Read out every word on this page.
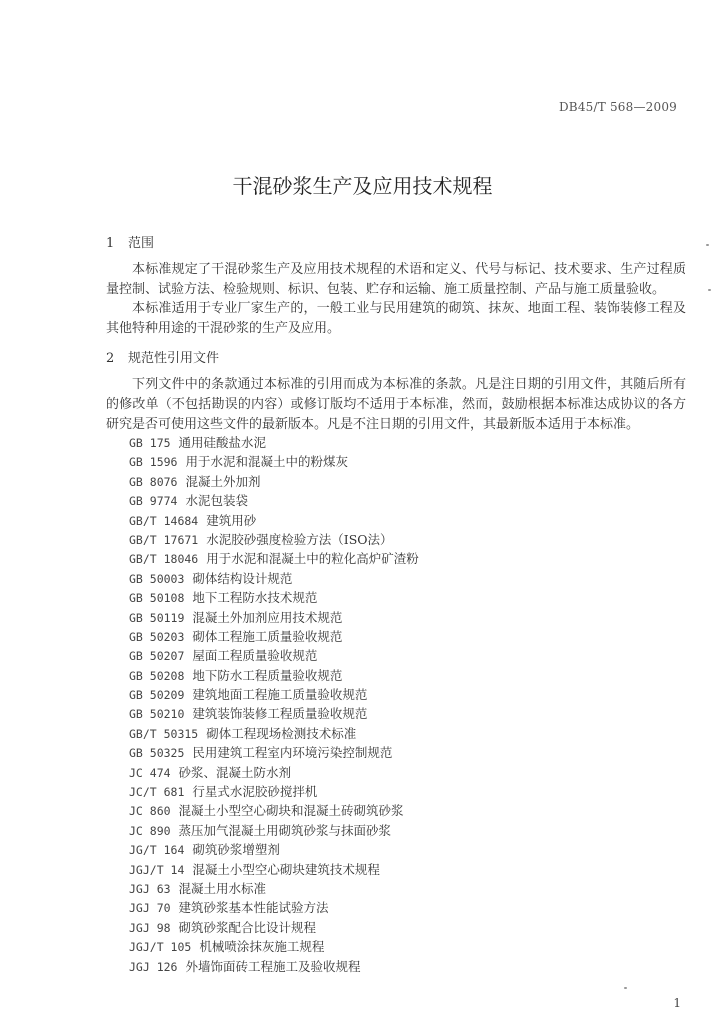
DB45/T 568—2009
干混砂浆生产及应用技术规程
1 范围

本标准规定了干混砂浆生产及应用技术规程的术语和定义、代号与标记、技术要求、生产过程质量控制、试验方法、检验规则、标识、包装、贮存和运输、施工质量控制、产品与施工质量验收。

本标准适用于专业厂家生产的，一般工业与民用建筑的砌筑、抹灰、地面工程、装饰装修工程及其他特种用途的干混砂浆的生产及应用。

2 规范性引用文件

下列文件中的条款通过本标准的引用而成为本标准的条款。凡是注日期的引用文件，其随后所有的修改单（不包括勘误的内容）或修订版均不适用于本标准，然而，鼓励根据本标准达成协议的各方研究是否可使用这些文件的最新版本。凡是不注日期的引用文件，其最新版本适用于本标准。

GB 175 通用硅酸盐水泥
GB 1596 用于水泥和混凝土中的粉煤灰
GB 8076 混凝土外加剂
GB 9774 水泥包装袋
GB/T 14684 建筑用砂
GB/T 17671 水泥胶砂强度检验方法（ISO法）
GB/T 18046 用于水泥和混凝土中的粒化高炉矿渣粉
GB 50003 砌体结构设计规范
GB 50108 地下工程防水技术规范
GB 50119 混凝土外加剂应用技术规范
GB 50203 砌体工程施工质量验收规范
GB 50207 屋面工程质量验收规范
GB 50208 地下防水工程质量验收规范
GB 50209 建筑地面工程施工质量验收规范
GB 50210 建筑装饰装修工程质量验收规范
GB/T 50315 砌体工程现场检测技术标准
GB 50325 民用建筑工程室内环境污染控制规范
JC 474 砂浆、混凝土防水剂
JC/T 681 行星式水泥胶砂搅拌机
JC 860 混凝土小型空心砌块和混凝土砖砌筑砂浆
JC 890 蒸压加气混凝土用砌筑砂浆与抹面砂浆
JG/T 164 砌筑砂浆增塑剂
JGJ/T 14 混凝土小型空心砌块建筑技术规程
JGJ 63 混凝土用水标准
JGJ 70 建筑砂浆基本性能试验方法
JGJ 98 砌筑砂浆配合比设计规程
JGJ/T 105 机械喷涂抹灰施工规程
JGJ 126 外墙饰面砖工程施工及验收规程
1
